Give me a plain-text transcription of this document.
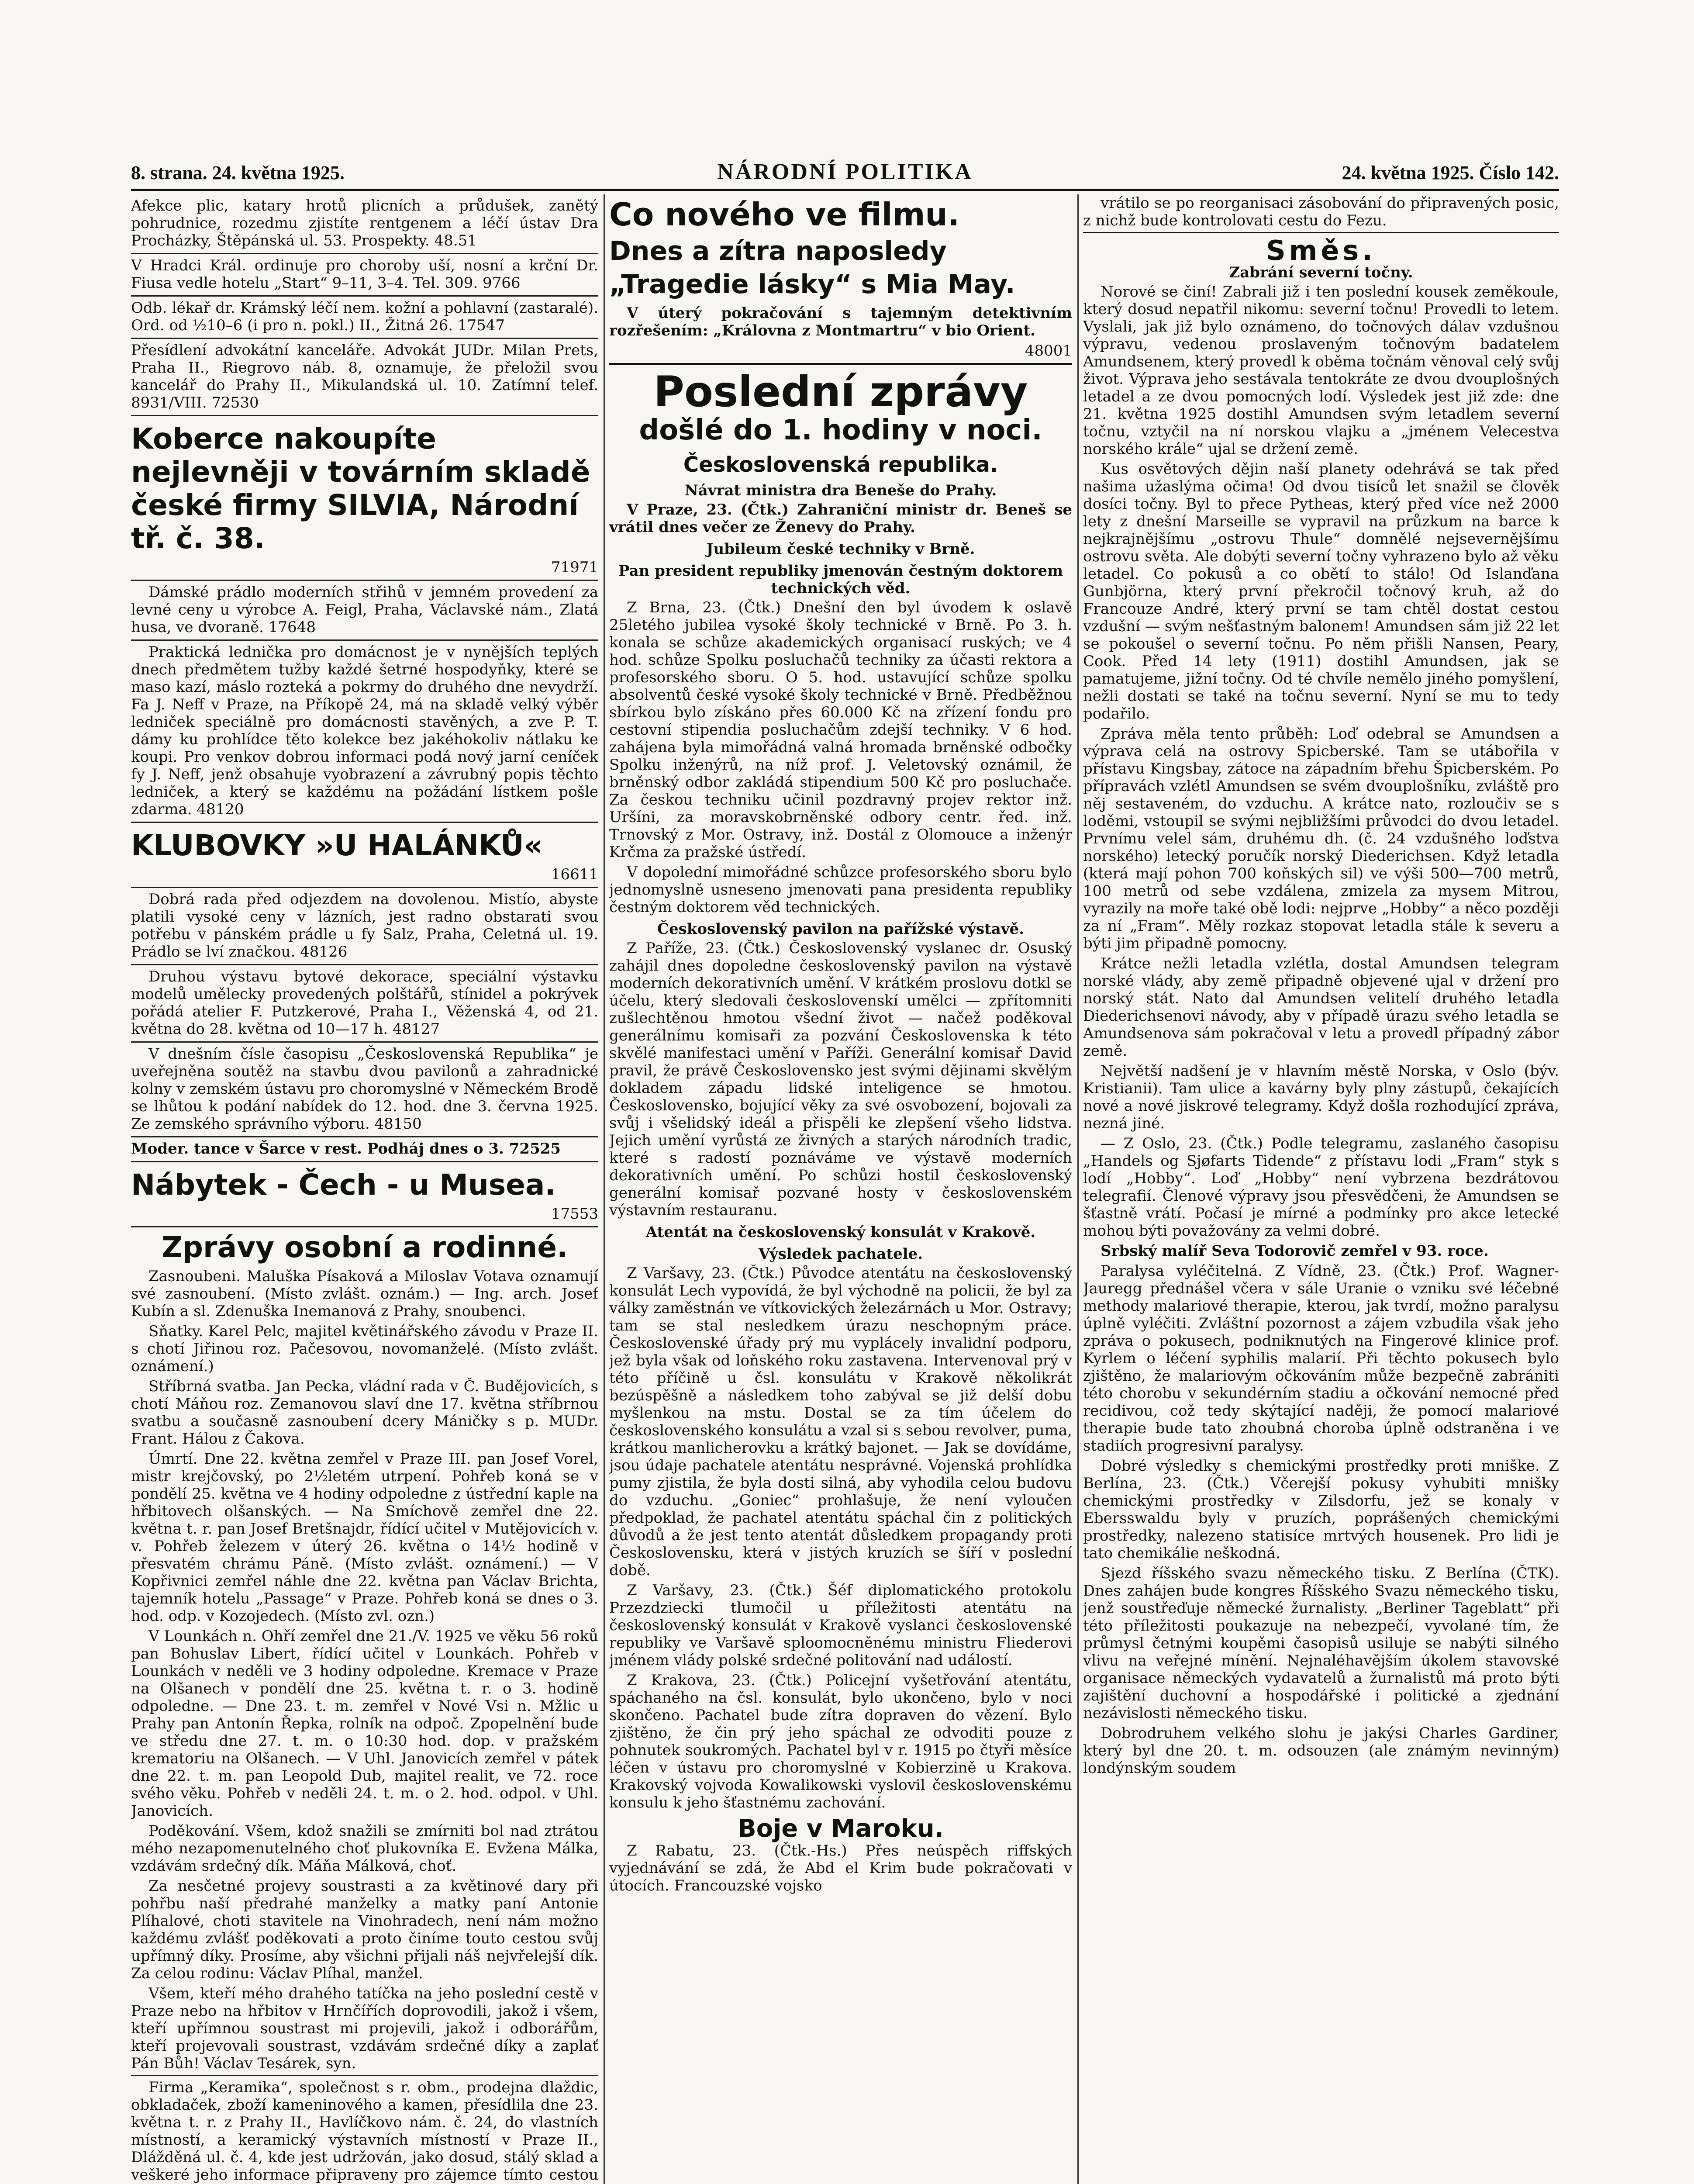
8. strana. 24. května 1925.	NÁRODNÍ POLITIKA	24. května 1925. Číslo 142.

Afekce plic, katary hrotů plicních a průdušek, zanětý pohrudnice, rozedmu zjistíte rentgenem a léčí ústav Dra Procházky, Štěpánská ul. 53. Prospekty. 48.51

V Hradci Král. ordinuje pro choroby uší, nosní a krční Dr. Fiusa vedle hotelu „Start“ 9–11, 3–4. Tel. 309. 9766

Odb. lékař dr. Krámský léčí nem. kožní a pohlavní (zastaralé). Ord. od ½10–6 (i pro n. pokl.) II., Žitná 26. 17547

Přesídlení advokátní kanceláře. Advokát JUDr. Milan Prets, Praha II., Riegrovo náb. 8, oznamuje, že přeložil svou kancelář do Prahy II., Mikulandská ul. 10. Zatímní telef. 8931/VIII. 72530

Koberce nakoupíte nejlevněji v továrním skladě české firmy SILVIA, Národní tř. č. 38.
71971

Dámské prádlo moderních střihů v jemném provedení za levné ceny u výrobce A. Feigl, Praha, Václavské nám., Zlatá husa, ve dvoraně. 17648

Praktická lednička pro domácnost je v nynějších teplých dnech předmětem tužby každé šetrné hospodyňky, které se maso kazí, máslo rozteká a pokrmy do druhého dne nevydrží. Fa J. Neff v Praze, na Příkopě 24, má na skladě velký výběr ledniček speciálně pro domácnosti stavěných, a zve P. T. dámy ku prohlídce těto kolekce bez jakéhokoliv nátlaku ke koupi. Pro venkov dobrou informaci podá nový jarní ceníček fy J. Neff, jenž obsahuje vyobrazení a závrubný popis těchto ledniček, a který se každému na požádání lístkem pošle zdarma. 48120

KLUBOVKY »U HALÁNKŮ«
16611

Dobrá rada před odjezdem na dovolenou. Mistío, abyste platili vysoké ceny v lázních, jest radno obstarati svou potřebu v pánském prádle u fy Salz, Praha, Celetná ul. 19. Prádlo se lví značkou. 48126

Druhou výstavu bytové dekorace, speciální výstavku modelů umělecky provedených polštářů, stínidel a pokrývek pořádá atelier F. Putzkerové, Praha I., Věženská 4, od 21. května do 28. května od 10—17 h. 48127

V dnešním čísle časopisu „Československá Republika“ je uveřejněna soutěž na stavbu dvou pavilonů a zahradnické kolny v zemském ústavu pro choromyslné v Německém Brodě se lhůtou k podání nabídek do 12. hod. dne 3. června 1925. Ze zemského správního výboru. 48150

Moder. tance v Šarce v rest. Podháj dnes o 3. 72525

Nábytek - Čech - u Musea.
17553
Zprávy osobní a rodinné.

Zasnoubeni. Maluška Písaková a Miloslav Votava oznamují své zasnoubení. (Místo zvlášt. oznám.) — Ing. arch. Josef Kubín a sl. Zdenuška Inemanová z Prahy, snoubenci.

Sňatky. Karel Pelc, majitel květinářského závodu v Praze II. s chotí Jiřinou roz. Pačesovou, novomanželé. (Místo zvlášt. oznámení.)

Stříbrná svatba. Jan Pecka, vládní rada v Č. Budějovicích, s chotí Máňou roz. Zemanovou slaví dne 17. května stříbrnou svatbu a současně zasnoubení dcery Máničky s p. MUDr. Frant. Hálou z Čakova.

Úmrtí. Dne 22. května zemřel v Praze III. pan Josef Vorel, mistr krejčovský, po 2½letém utrpení. Pohřeb koná se v pondělí 25. května ve 4 hodiny odpoledne z ústřední kaple na hřbitovech olšanských. — Na Smíchově zemřel dne 22. května t. r. pan Josef Bretšnajdr, řídící učitel v Mutějovicích v. v. Pohřeb železem v úterý 26. května o 14½ hodině v přesvatém chrámu Páně. (Místo zvlášt. oznámení.) — V Kopřivnici zemřel náhle dne 22. května pan Václav Brichta, tajemník hotelu „Passage“ v Praze. Pohřeb koná se dnes o 3. hod. odp. v Kozojedech. (Místo zvl. ozn.)

V Lounkách n. Ohří zemřel dne 21./V. 1925 ve věku 56 roků pan Bohuslav Libert, řídící učitel v Lounkách. Pohřeb v Lounkách v neděli ve 3 hodiny odpoledne. Kremace v Praze na Olšanech v pondělí dne 25. května t. r. o 3. hodině odpoledne. — Dne 23. t. m. zemřel v Nové Vsi n. Mžlic u Prahy pan Antonín Řepka, rolník na odpoč. Zpopelnění bude ve středu dne 27. t. m. o 10:30 hod. dop. v pražském krematoriu na Olšanech. — V Uhl. Janovicích zemřel v pátek dne 22. t. m. pan Leopold Dub, majitel realit, ve 72. roce svého věku. Pohřeb v neděli 24. t. m. o 2. hod. odpol. v Uhl. Janovicích.

Poděkování. Všem, kdož snažili se zmírniti bol nad ztrátou mého nezapomenutelného choť plukovníka E. Evžena Málka, vzdávám srdečný dík. Máňa Málková, choť.

Za nesčetné projevy soustrasti a za květinové dary při pohřbu naší předrahé manželky a matky paní Antonie Plíhalové, choti stavitele na Vinohradech, není nám možno každému zvlášť poděkovati a proto činíme touto cestou svůj upřímný díky. Prosíme, aby všichni přijali náš nejvřelejší dík. Za celou rodinu: Václav Plíhal, manžel.

Všem, kteří mého drahého tatíčka na jeho poslední cestě v Praze nebo na hřbitov v Hrnčířích doprovodili, jakož i všem, kteří upřímnou soustrast mi projevili, jakož i odborářům, kteří projevovali soustrast, vzdávám srdečné díky a zaplať Pán Bůh! Václav Tesárek, syn.

Firma „Keramika“, společnost s r. obm., prodejna dlaždic, obkladaček, zboží kameninového a kamen, přesídlila dne 23. května t. r. z Prahy II., Havlíčkovo nám. č. 24, do vlastních místností, a keramický výstavních místností v Praze II., Dlážděná ul. č. 4, kde jest udržován, jako dosud, stálý sklad a veškeré jeho informace připraveny pro zájemce tímto cestou

Co nového ve filmu.
Dnes a zítra naposledy „Tragedie lásky“ s Mia May.

V úterý pokračování s tajemným detektivním rozřešením: „Královna z Montmartru“ v bio Orient.

48001
Poslední zprávy
došlé do 1. hodiny v noci.
Československá republika.
Návrat ministra dra Beneše do Prahy.

V Praze, 23. (Čtk.) Zahraniční ministr dr. Beneš se vrátil dnes večer ze Ženevy do Prahy.

Jubileum české techniky v Brně.
Pan president republiky jmenován čestným doktorem technických věd.

Z Brna, 23. (Čtk.) Dnešní den byl úvodem k oslavě 25letého jubilea vysoké školy technické v Brně. Po 3. h. konala se schůze akademických organisací ruských; ve 4 hod. schůze Spolku posluchačů techniky za účasti rektora a profesorského sboru. O 5. hod. ustavující schůze spolku absolventů české vysoké školy technické v Brně. Předběžnou sbírkou bylo získáno přes 60.000 Kč na zřízení fondu pro cestovní stipendia posluchačům zdejší techniky. V 6 hod. zahájena byla mimořádná valná hromada brněnské odbočky Spolku inženýrů, na níž prof. J. Veletovský oznámil, že brněnský odbor zakládá stipendium 500 Kč pro posluchače. Za českou techniku učinil pozdravný projev rektor inž. Uršíni, za moravskobrněnské odbory centr. řed. inž. Trnovský z Mor. Ostravy, inž. Dostál z Olomouce a inženýr Krčma za pražské ústředí.

V dopolední mimořádné schůzce profesorského sboru bylo jednomyslně usneseno jmenovati pana presidenta republiky čestným doktorem věd technických.

Československý pavilon na pařížské výstavě.

Z Paříže, 23. (Čtk.) Československý vyslanec dr. Osuský zahájil dnes dopoledne československý pavilon na výstavě moderních dekorativních umění. V krátkém proslovu dotkl se účelu, který sledovali československí umělci — zpřítomniti zušlechtěnou hmotou všední život — načež poděkoval generálnímu komisaři za pozvání Československa k této skvělé manifestaci umění v Paříži. Generální komisař David pravil, že právě Československo jest svými dějinami skvělým dokladem západu lidské inteligence se hmotou. Československo, bojující věky za své osvobození, bojovali za svůj i všelidský ideál a přispěli ke zlepšení všeho lidstva. Jejich umění vyrůstá ze živných a starých národních tradic, které s radostí poznáváme ve výstavě moderních dekorativních umění. Po schůzi hostil československý generální komisař pozvané hosty v československém výstavním restauranu.

Atentát na československý konsulát v Krakově.
Výsledek pachatele.

Z Varšavy, 23. (Čtk.) Původce atentátu na československý konsulát Lech vypovídá, že byl východně na policii, že byl za války zaměstnán ve vítkovických železárnách u Mor. Ostravy; tam se stal nesledkem úrazu neschopným práce. Československé úřady prý mu vyplácely invalidní podporu, jež byla však od loňského roku zastavena. Intervenoval prý v této příčině u čsl. konsulátu v Krakově několikrát bezúspěšně a následkem toho zabýval se již delší dobu myšlenkou na mstu. Dostal se za tím účelem do československého konsulátu a vzal si s sebou revolver, puma, krátkou manlicherovku a krátký bajonet. — Jak se dovídáme, jsou údaje pachatele atentátu nesprávné. Vojenská prohlídka pumy zjistila, že byla dosti silná, aby vyhodila celou budovu do vzduchu. „Goniec“ prohlašuje, že není vyloučen předpoklad, že pachatel atentátu spáchal čin z politických důvodů a že jest tento atentát důsledkem propagandy proti Československu, která v jistých kruzích se šíří v poslední době.

Z Varšavy, 23. (Čtk.) Šéf diplomatického protokolu Przezdziecki tlumočil u příležitosti atentátu na československý konsulát v Krakově vyslanci československé republiky ve Varšavě sploomocněnému ministru Fliederovi jménem vlády polské srdečné politování nad událostí.

Z Krakova, 23. (Čtk.) Policejní vyšetřování atentátu, spáchaného na čsl. konsulát, bylo ukončeno, bylo v noci skončeno. Pachatel bude zítra dopraven do vězení. Bylo zjištěno, že čin prý jeho spáchal ze odvoditi pouze z pohnutek soukromých. Pachatel byl v r. 1915 po čtyři měsíce léčen v ústavu pro choromyslné v Kobierzině u Krakova. Krakovský vojvoda Kowalikowski vyslovil československému konsulu k jeho šťastnému zachování.

Boje v Maroku.

Z Rabatu, 23. (Čtk.-Hs.) Přes neúspěch riffských vyjednávání se zdá, že Abd el Krim bude pokračovati v útocích. Francouzské vojsko

vrátilo se po reorganisaci zásobování do připravených posic, z nichž bude kontrolovati cestu do Fezu.

Směs.
Zabrání severní točny.

Norové se činí! Zabrali již i ten poslední kousek zeměkoule, který dosud nepatřil nikomu: severní točnu! Provedli to letem. Vyslali, jak již bylo oznámeno, do točnových dálav vzdušnou výpravu, vedenou proslaveným točnovým badatelem Amundsenem, který provedl k oběma točnám věnoval celý svůj život. Výprava jeho sestávala tentokráte ze dvou dvouplošných letadel a ze dvou pomocných lodí. Výsledek jest již zde: dne 21. května 1925 dostihl Amundsen svým letadlem severní točnu, vztyčil na ní norskou vlajku a „jménem Velecestva norského krále“ ujal se držení země.

Kus osvětových dějin naší planety odehrává se tak před našima užaslýma očima! Od dvou tisíců let snažil se člověk dosíci točny. Byl to přece Pytheas, který před více než 2000 lety z dnešní Marseille se vypravil na průzkum na barce k nejkrajnějšímu „ostrovu Thule“ domnělé nejsevernějšímu ostrovu světa. Ale dobýti severní točny vyhrazeno bylo až věku letadel. Co pokusů a co obětí to stálo! Od Islanďana Gunbjörna, který první překročil točnový kruh, až do Francouze André, který první se tam chtěl dostat cestou vzdušní — svým nešťastným balonem! Amundsen sám již 22 let se pokoušel o severní točnu. Po něm přišli Nansen, Peary, Cook. Před 14 lety (1911) dostihl Amundsen, jak se pamatujeme, jižní točny. Od té chvíle nemělo jiného pomyšlení, nežli dostati se také na točnu severní. Nyní se mu to tedy podařilo.

Zpráva měla tento průběh: Loď odebral se Amundsen a výprava celá na ostrovy Spicberské. Tam se utábořila v přístavu Kingsbay, zátoce na západním břehu Špicberském. Po přípravách vzlétl Amundsen se svém dvouplošníku, zvláště pro něj sestaveném, do vzduchu. A krátce nato, rozloučiv se s loděmi, vstoupil se svými nejbližšími průvodci do dvou letadel. Prvnímu velel sám, druhému dh. (č. 24 vzdušného loďstva norského) letecký poručík norský Diederichsen. Když letadla (která mají pohon 700 koňských sil) ve výši 500—700 metrů, 100 metrů od sebe vzdálena, zmizela za mysem Mitrou, vyrazily na moře také obě lodi: nejprve „Hobby“ a něco později za ní „Fram“. Měly rozkaz stopovat letadla stále k severu a býti jim připadně pomocny.

Krátce nežli letadla vzlétla, dostal Amundsen telegram norské vlády, aby země připadně objevené ujal v držení pro norský stát. Nato dal Amundsen velitelí druhého letadla Diederichsenovi návody, aby v případě úrazu svého letadla se Amundsenova sám pokračoval v letu a provedl případný zábor země.

Největší nadšení je v hlavním městě Norska, v Oslo (býv. Kristianii). Tam ulice a kavárny byly plny zástupů, čekajících nové a nové jiskrové telegramy. Když došla rozhodující zpráva, nezná jiné.

— Z Oslo, 23. (Čtk.) Podle telegramu, zaslaného časopisu „Handels og Sjøfarts Tidende“ z přístavu lodi „Fram“ styk s lodí „Hobby“. Loď „Hobby“ není vybrzena bezdrátovou telegrafií. Členové výpravy jsou přesvědčeni, že Amundsen se šťastně vrátí. Počasí je mírné a podmínky pro akce letecké mohou býti považovány za velmi dobré.

Srbský malíř Seva Todorovič zemřel v 93. roce.

Paralysa vyléčitelná. Z Vídně, 23. (Čtk.) Prof. Wagner-Jauregg přednášel včera v sále Uranie o vzniku své léčebné methody malariové therapie, kterou, jak tvrdí, možno paralysu úplně vyléčiti. Zvláštní pozornost a zájem vzbudila však jeho zpráva o pokusech, podniknutých na Fingerové klinice prof. Kyrlem o léčení syphilis malarií. Při těchto pokusech bylo zjištěno, že malariovým očkováním může bezpečně zabrániti této chorobu v sekundérním stadiu a očkování nemocné před recidivou, což tedy skýtající naději, že pomocí malariové therapie bude tato zhoubná choroba úplně odstraněna i ve stadiích progresivní paralysy.

Dobré výsledky s chemickými prostředky proti mniške. Z Berlína, 23. (Čtk.) Včerejší pokusy vyhubiti mnišky chemickými prostředky v Zilsdorfu, jež se konaly v Ebersswaldu byly v pruzích, poprášených chemickými prostředky, nalezeno statisíce mrtvých housenek. Pro lidi je tato chemikálie neškodná.

Sjezd říšského svazu německého tisku. Z Berlína (ČTK). Dnes zahájen bude kongres Říšského Svazu německého tisku, jenž soustřeďuje německé žurnalisty. „Berliner Tageblatt“ při této příležitosti poukazuje na nebezpečí, vyvolané tím, že průmysl četnými koupěmi časopisů usiluje se nabýti silného vlivu na veřejné mínění. Nejnaléhavějším úkolem stavovské organisace německých vydavatelů a žurnalistů má proto býti zajištění duchovní a hospodářské i politické a zjednání nezávislosti německého tisku.

Dobrodruhem velkého slohu je jakýsi Charles Gardiner, který byl dne 20. t. m. odsouzen (ale známým nevinným) londýnským soudem
